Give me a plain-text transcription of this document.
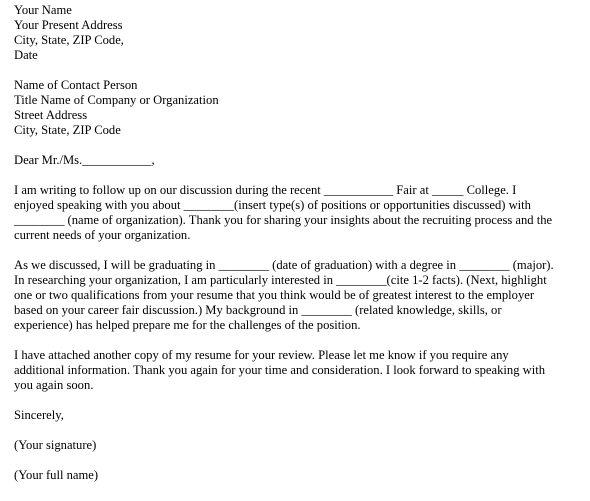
Your Name
Your Present Address
City, State, ZIP Code,
Date
Name of Contact Person
Title Name of Company or Organization
Street Address
City, State, ZIP Code
Dear Mr./Ms.___________,
I am writing to follow up on our discussion during the recent ___________ Fair at _____ College. I
enjoyed speaking with you about ________(insert type(s) of positions or opportunities discussed) with
________ (name of organization). Thank you for sharing your insights about the recruiting process and the
current needs of your organization.
As we discussed, I will be graduating in ________ (date of graduation) with a degree in ________ (major).
In researching your organization, I am particularly interested in ________(cite 1-2 facts). (Next, highlight
one or two qualifications from your resume that you think would be of greatest interest to the employer
based on your career fair discussion.) My background in ________ (related knowledge, skills, or
experience) has helped prepare me for the challenges of the position.
I have attached another copy of my resume for your review. Please let me know if you require any
additional information. Thank you again for your time and consideration. I look forward to speaking with
you again soon.
Sincerely,
(Your signature)
(Your full name)
